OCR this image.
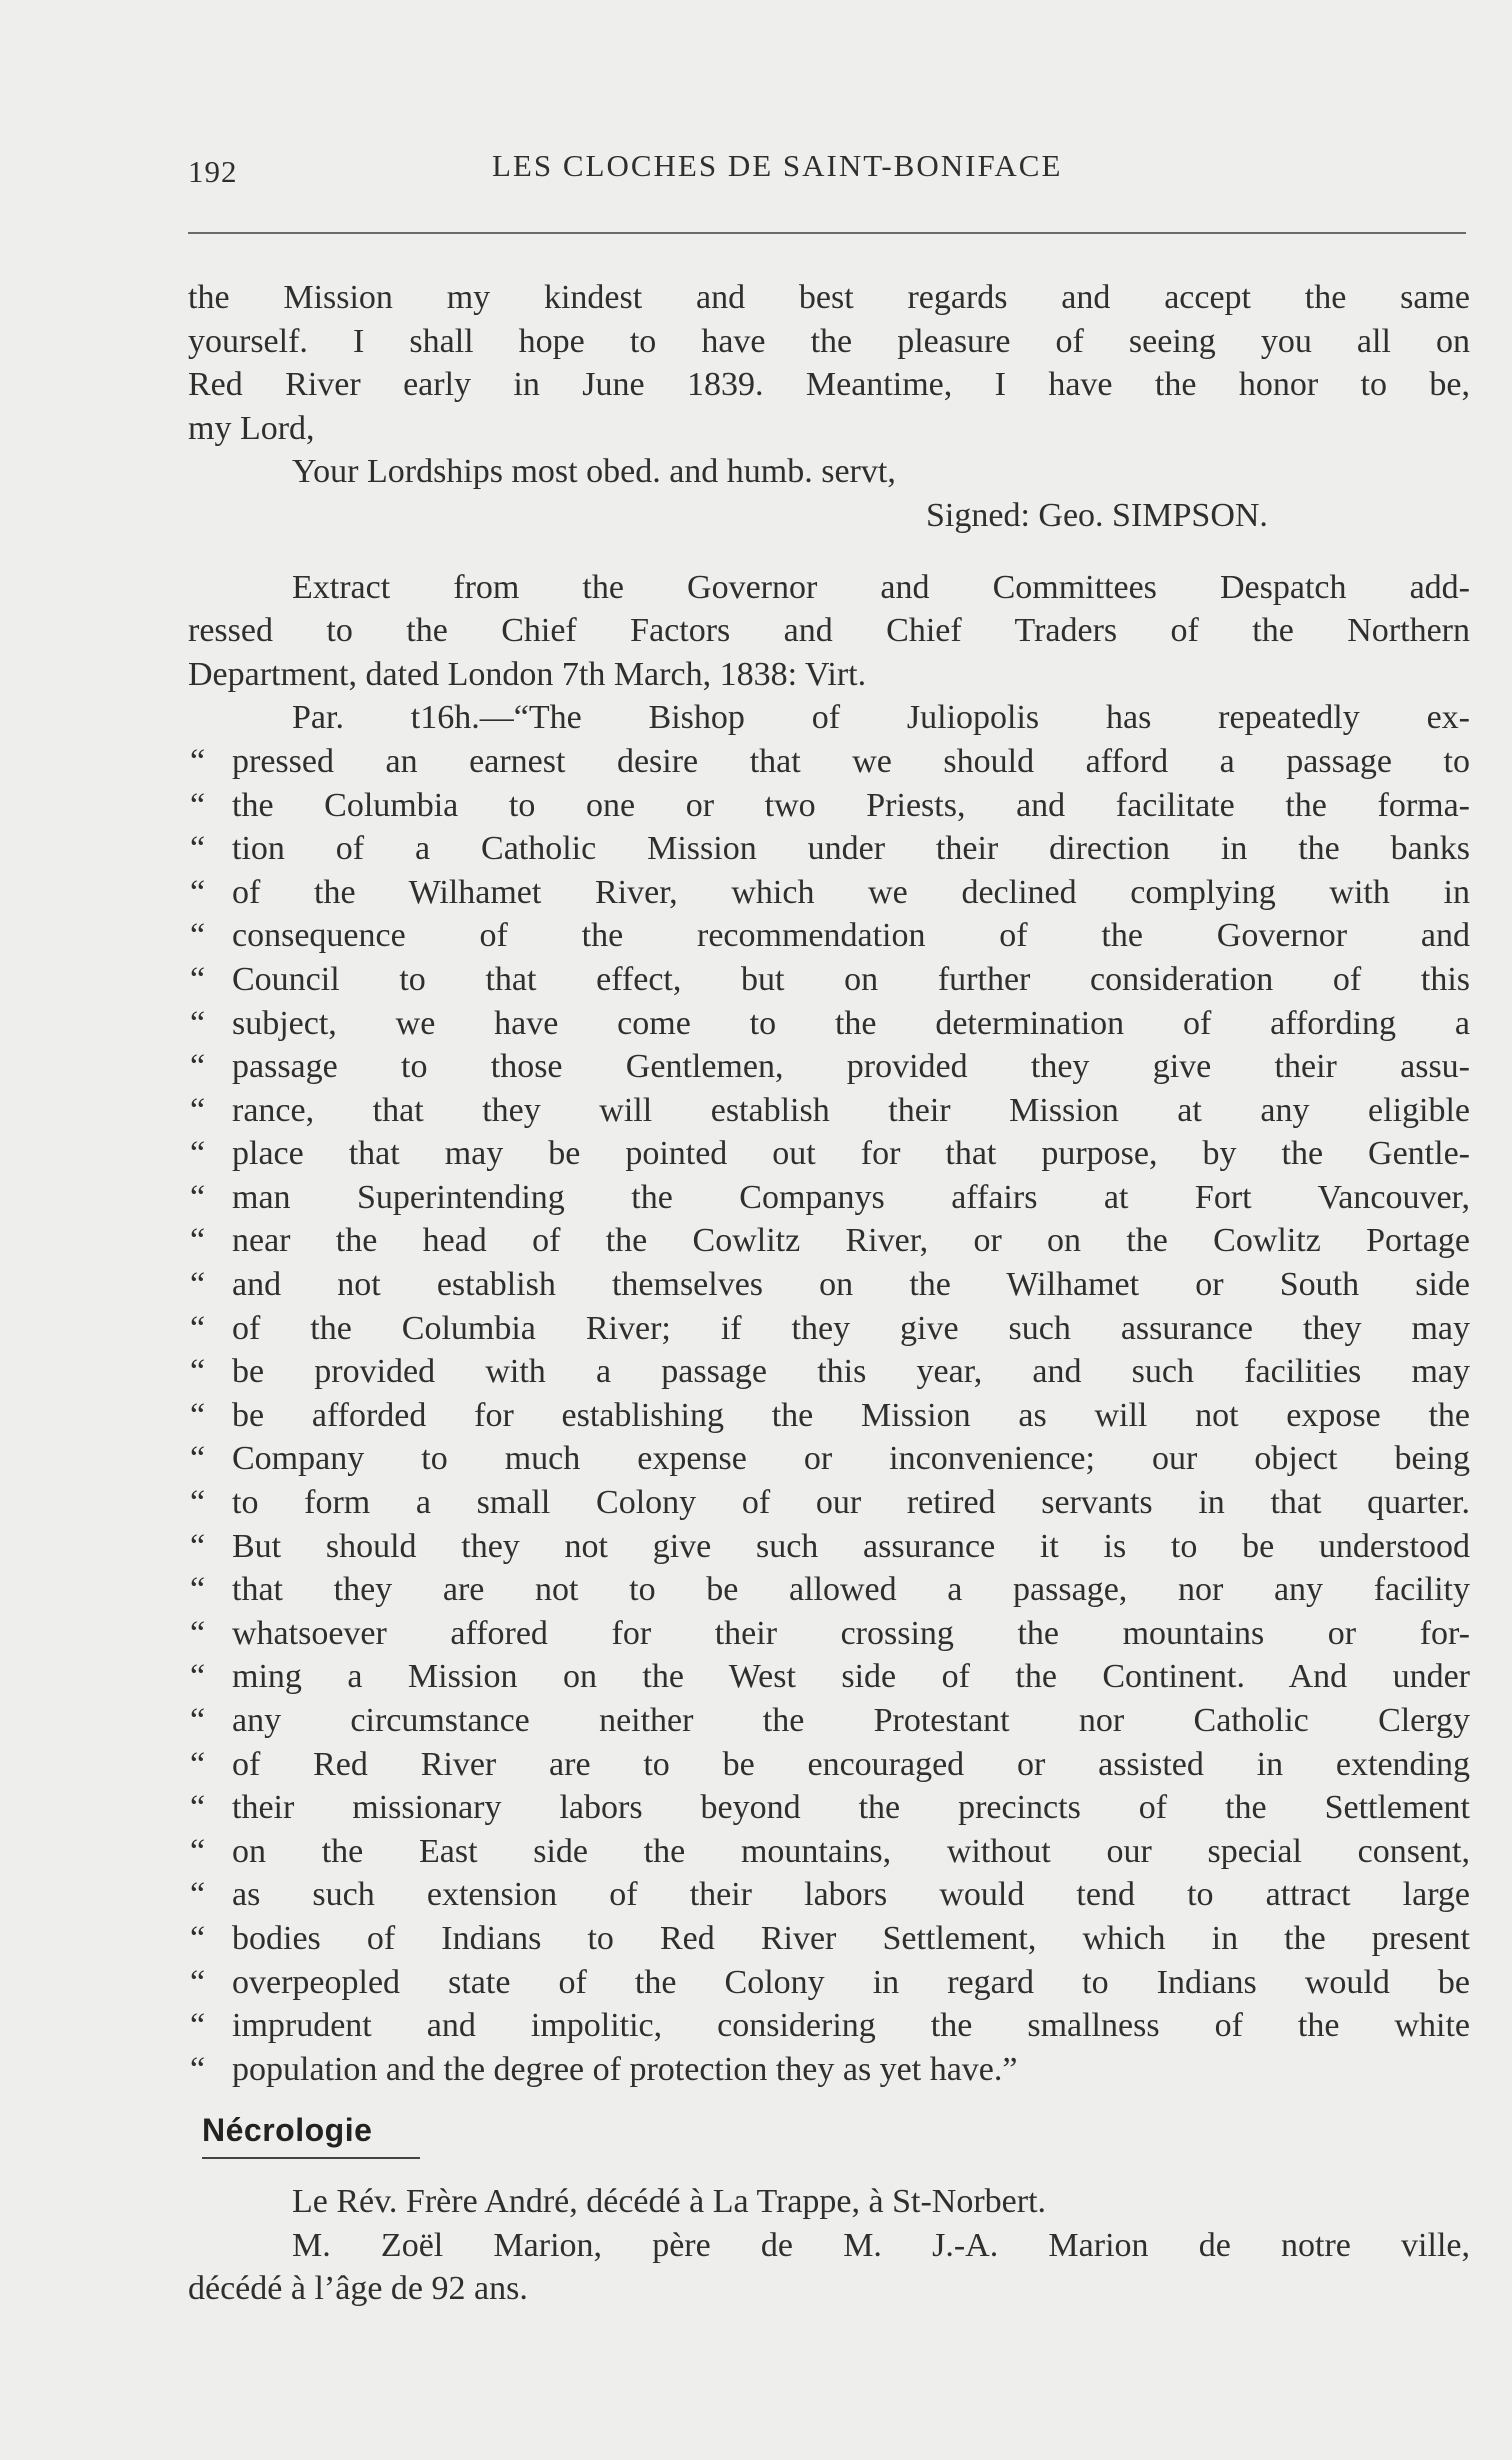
192	LES CLOCHES DE SAINT-BONIFACE
the Mission my kindest and best regards and accept the same
yourself. I shall hope to have the pleasure of seeing you all on
Red River early in June 1839. Meantime, I have the honor to be,
my Lord,
Your Lordships most obed. and humb. servt,
Signed: Geo. SIMPSON.
Extract from the Governor and Committees Despatch add-
ressed to the Chief Factors and Chief Traders of the Northern
Department, dated London 7th March, 1838: Virt.
Par. t16h.—“The Bishop of Juliopolis has repeatedly ex-
“ pressed an earnest desire that we should afford a passage to
“ the Columbia to one or two Priests, and facilitate the forma-
“ tion of a Catholic Mission under their direction in the banks
“ of the Wilhamet River, which we declined complying with in
“ consequence of the recommendation of the Governor and
“ Council to that effect, but on further consideration of this
“ subject, we have come to the determination of affording a
“ passage to those Gentlemen, provided they give their assu-
“ rance, that they will establish their Mission at any eligible
“ place that may be pointed out for that purpose, by the Gentle-
“ man Superintending the Companys affairs at Fort Vancouver,
“ near the head of the Cowlitz River, or on the Cowlitz Portage
“ and not establish themselves on the Wilhamet or South side
“ of the Columbia River; if they give such assurance they may
“ be provided with a passage this year, and such facilities may
“ be afforded for establishing the Mission as will not expose the
“ Company to much expense or inconvenience; our object being
“ to form a small Colony of our retired servants in that quarter.
“ But should they not give such assurance it is to be understood
“ that they are not to be allowed a passage, nor any facility
“ whatsoever affored for their crossing the mountains or for-
“ ming a Mission on the West side of the Continent. And under
“ any circumstance neither the Protestant nor Catholic Clergy
“ of Red River are to be encouraged or assisted in extending
“ their missionary labors beyond the precincts of the Settlement
“ on the East side the mountains, without our special consent,
“ as such extension of their labors would tend to attract large
“ bodies of Indians to Red River Settlement, which in the present
“ overpeopled state of the Colony in regard to Indians would be
“ imprudent and impolitic, considering the smallness of the white
“ population and the degree of protection they as yet have.”
Nécrologie
Le Rév. Frère André, décédé à La Trappe, à St-Norbert.
M. Zoël Marion, père de M. J.-A. Marion de notre ville,
décédé à l’âge de 92 ans.
